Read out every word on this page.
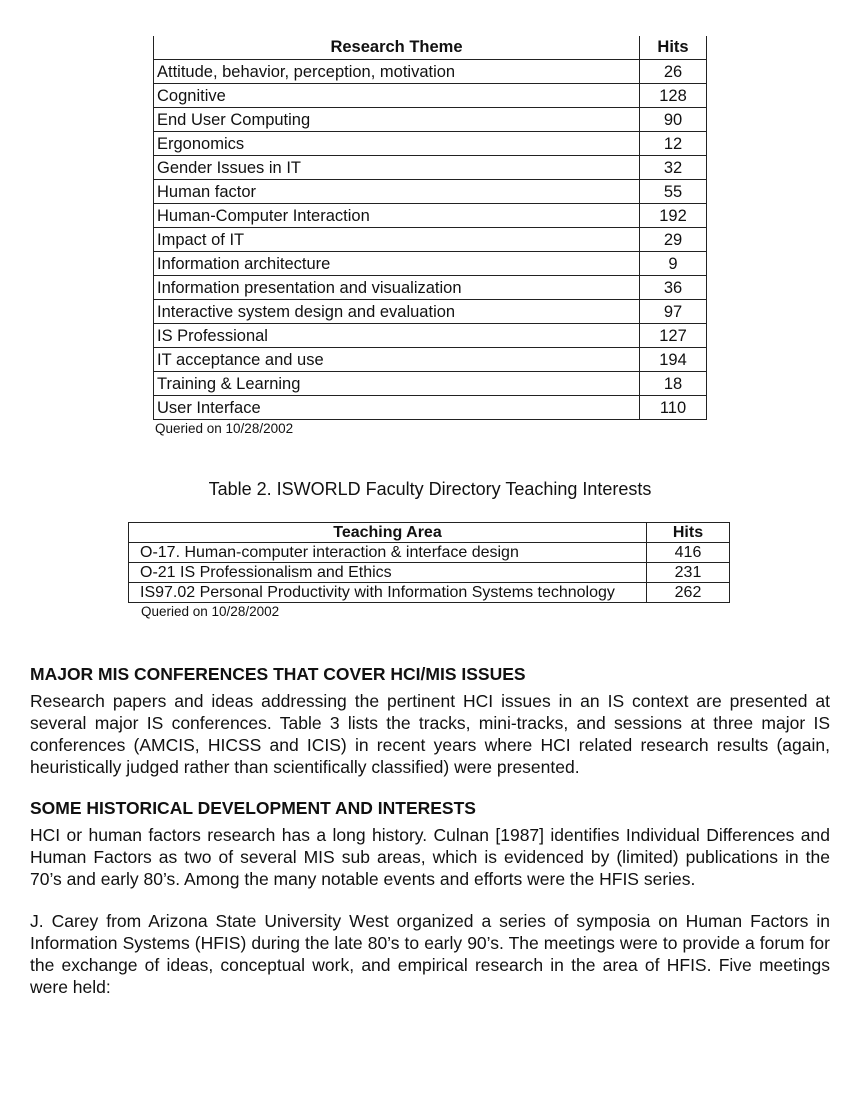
Research Theme	Hits
Attitude, behavior, perception, motivation	26
Cognitive	128
End User Computing	90
Ergonomics	12
Gender Issues in IT	32
Human factor	55
Human-Computer Interaction	192
Impact of IT	29
Information architecture	9
Information presentation and visualization	36
Interactive system design and evaluation	97
IS Professional	127
IT acceptance and use	194
Training & Learning	18
User Interface	110
Queried on 10/28/2002
Table 2. ISWORLD Faculty Directory Teaching Interests
Teaching Area	Hits
O-17. Human-computer interaction & interface design	416
O-21 IS Professionalism and Ethics	231
IS97.02 Personal Productivity with Information Systems technology	262
Queried on 10/28/2002
MAJOR MIS CONFERENCES THAT COVER HCI/MIS ISSUES

Research papers and ideas addressing the pertinent HCI issues in an IS context are presented at several major IS conferences. Table 3 lists the tracks, mini-tracks, and sessions at three major IS conferences (AMCIS, HICSS and ICIS) in recent years where HCI related research results (again, heuristically judged rather than scientifically classified) were presented.

SOME HISTORICAL DEVELOPMENT AND INTERESTS

HCI or human factors research has a long history. Culnan [1987] identifies Individual Differences and Human Factors as two of several MIS sub areas, which is evidenced by (limited) publications in the 70’s and early 80’s. Among the many notable events and efforts were the HFIS series.

J. Carey from Arizona State University West organized a series of symposia on Human Factors in Information Systems (HFIS) during the late 80’s to early 90’s. The meetings were to provide a forum for the exchange of ideas, conceptual work, and empirical research in the area of HFIS. Five meetings were held:
